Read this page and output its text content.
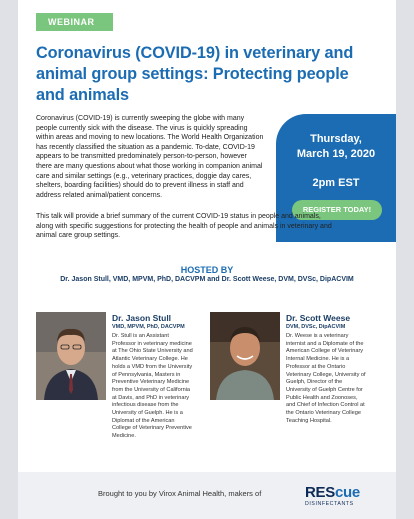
WEBINAR
Coronavirus (COVID-19) in veterinary and animal group settings: Protecting people and animals

Coronavirus (COVID-19) is currently sweeping the globe with many people currently sick with the disease. The virus is quickly spreading within areas and moving to new locations. The World Health Organization has recently classified the situation as a pandemic. To-date, COVID-19 appears to be transmitted predominately person-to-person, however there are many questions about what those working in companion animal care and similar settings (e.g., veterinary practices, doggie day cares, shelters, boarding facilities) should do to prevent illness in staff and address related animal/patient concerns.

Thursday,
March 19, 2020
2pm EST
REGISTER TODAY!

This talk will provide a brief summary of the current COVID-19 status in people and animals, along with specific suggestions for protecting the health of people and animals in veterinary and animal care group settings.

HOSTED BY
Dr. Jason Stull, VMD, MPVM, PhD, DACVPM and Dr. Scott Weese, DVM, DVSc, DipACVIM
Dr. Jason Stull
VMD, MPVM, PhD, DACVPM

Dr. Stull is an Assistant Professor in veterinary medicine at The Ohio State University and Atlantic Veterinary College. He holds a VMD from the University of Pennsylvania, Masters in Preventive Veterinary Medicine from the University of California at Davis, and PhD in veterinary infectious disease from the University of Guelph. He is a Diplomat of the American College of Veterinary Preventive Medicine.

Dr. Scott Weese
DVM, DVSc, DipACVIM

Dr. Weese is a veterinary internist and a Diplomate of the American College of Veterinary Internal Medicine. He is a Professor at the Ontario Veterinary College, University of Guelph, Director of the University of Guelph Centre for Public Health and Zoonoses, and Chief of Infection Control at the Ontario Veterinary College Teaching Hospital.

Brought to you by Virox Animal Health, makers of	REScue
DISINFECTANTS
